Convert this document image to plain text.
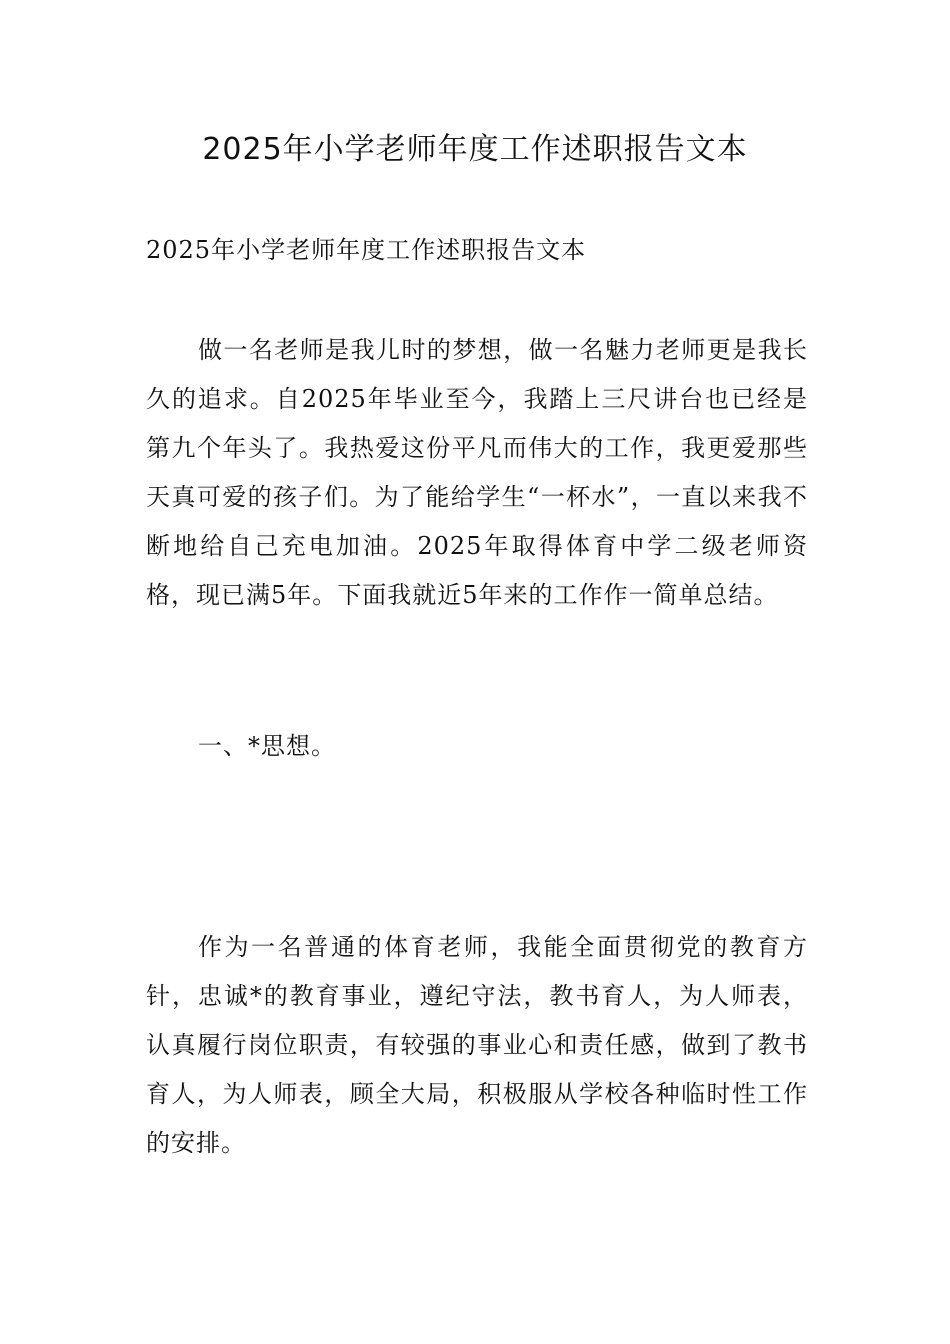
2025年小学老师年度工作述职报告文本

2025年小学老师年度工作述职报告文本

做一名老师是我儿时的梦想，做一名魅力老师更是我长久的追求。自2025年毕业至今，我踏上三尺讲台也已经是第九个年头了。我热爱这份平凡而伟大的工作，我更爱那些天真可爱的孩子们。为了能给学生“一杯水”，一直以来我不断地给自己充电加油。2025年取得体育中学二级老师资格，现已满5年。下面我就近5年来的工作作一简单总结。

一、*思想。

作为一名普通的体育老师，我能全面贯彻党的教育方针，忠诚*的教育事业，遵纪守法，教书育人，为人师表，认真履行岗位职责，有较强的事业心和责任感，做到了教书育人，为人师表，顾全大局，积极服从学校各种临时性工作的安排。
